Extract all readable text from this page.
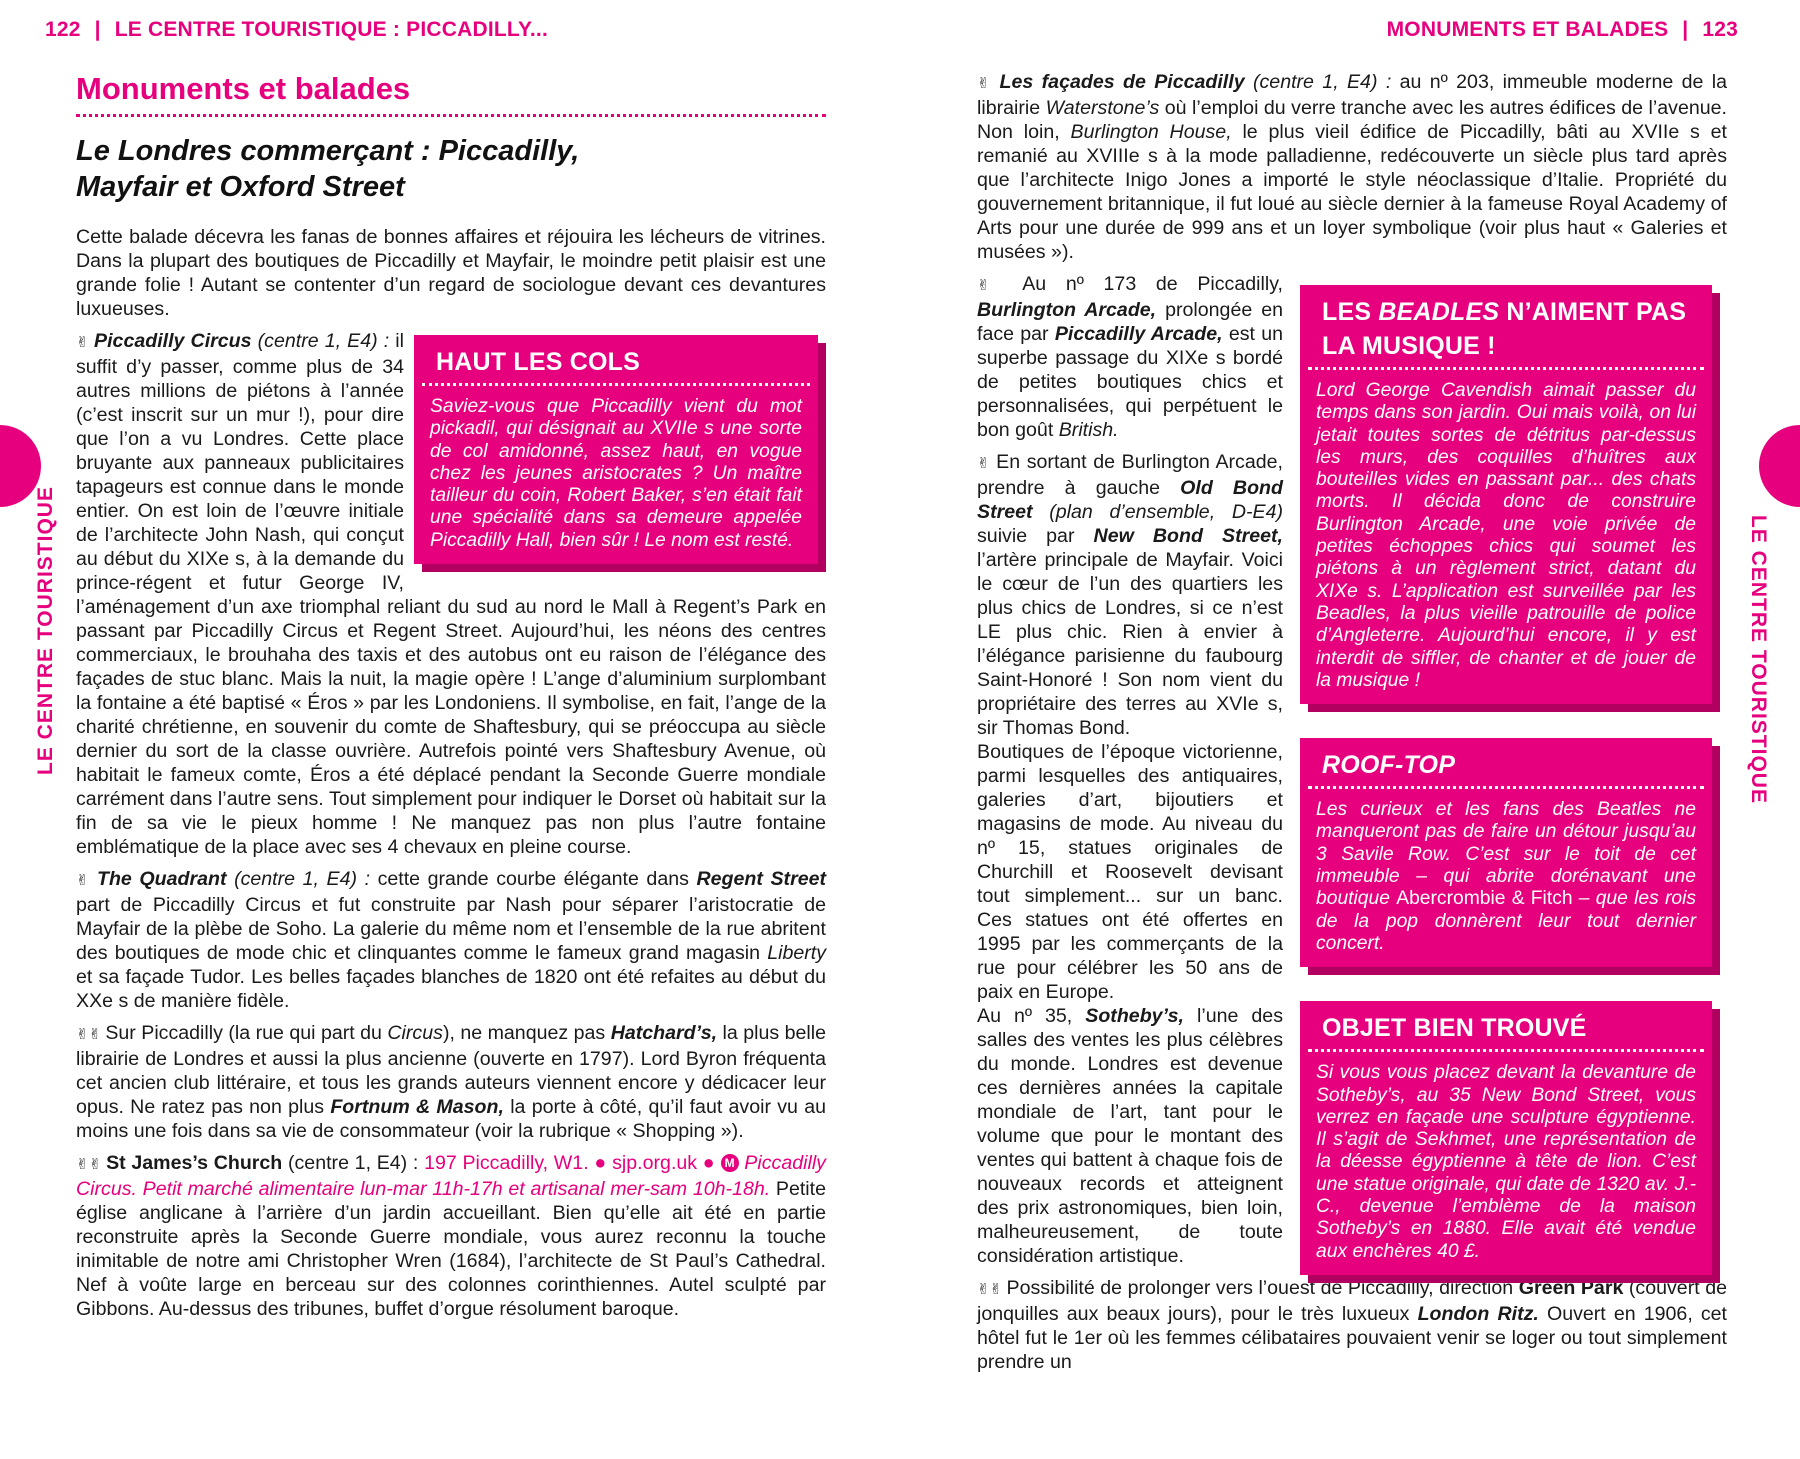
122 | LE CENTRE TOURISTIQUE : PICCADILLY...
LE CENTRE TOURISTIQUE
Monuments et balades
Le Londres commerçant : Piccadilly,
Mayfair et Oxford Street

Cette balade décevra les fanas de bonnes affaires et réjouira les lécheurs de vitrines. Dans la plupart des boutiques de Piccadilly et Mayfair, le moindre petit plaisir est une grande folie ! Autant se contenter d’un regard de sociologue devant ces devantures luxueuses.

HAUT LES COLS
Saviez-vous que Piccadilly vient du mot pickadil, qui désignait au XVIIe s une sorte de col amidonné, assez haut, en vogue chez les jeunes aristocrates ? Un maître tailleur du coin, Robert Baker, s’en était fait une spécialité dans sa demeure appelée Piccadilly Hall, bien sûr ! Le nom est resté.

✌ Piccadilly Circus (centre 1, E4) : il suffit d’y passer, comme plus de 34 autres millions de piétons à l’année (c’est inscrit sur un mur !), pour dire que l’on a vu Londres. Cette place bruyante aux panneaux publicitaires tapageurs est connue dans le monde entier. On est loin de l’œuvre initiale de l’architecte John Nash, qui conçut au début du XIXe s, à la demande du prince-régent et futur George IV, l’aménagement d’un axe triomphal reliant du sud au nord le Mall à Regent’s Park en passant par Piccadilly Circus et Regent Street. Aujourd’hui, les néons des centres commerciaux, le brouhaha des taxis et des autobus ont eu raison de l’élégance des façades de stuc blanc. Mais la nuit, la magie opère ! L’ange d’aluminium surplombant la fontaine a été baptisé « Éros » par les Londoniens. Il symbolise, en fait, l’ange de la charité chrétienne, en souvenir du comte de Shaftesbury, qui se préoccupa au siècle dernier du sort de la classe ouvrière. Autrefois pointé vers Shaftesbury Avenue, où habitait le fameux comte, Éros a été déplacé pendant la Seconde Guerre mondiale carrément dans l’autre sens. Tout simplement pour indiquer le Dorset où habitait sur la fin de sa vie le pieux homme ! Ne manquez pas non plus l’autre fontaine emblématique de la place avec ses 4 chevaux en pleine course.

✌ The Quadrant (centre 1, E4) : cette grande courbe élégante dans Regent Street part de Piccadilly Circus et fut construite par Nash pour séparer l’aristocratie de Mayfair de la plèbe de Soho. La galerie du même nom et l’ensemble de la rue abritent des boutiques de mode chic et clinquantes comme le fameux grand magasin Liberty et sa façade Tudor. Les belles façades blanches de 1820 ont été refaites au début du XXe s de manière fidèle.

✌✌ Sur Piccadilly (la rue qui part du Circus), ne manquez pas Hatchard’s, la plus belle librairie de Londres et aussi la plus ancienne (ouverte en 1797). Lord Byron fréquenta cet ancien club littéraire, et tous les grands auteurs viennent encore y dédicacer leur opus. Ne ratez pas non plus Fortnum & Mason, la porte à côté, qu’il faut avoir vu au moins une fois dans sa vie de consommateur (voir la rubrique « Shopping »).

✌✌ St James’s Church (centre 1, E4) : 197 Piccadilly, W1. ● sjp.org.uk ● M Piccadilly Circus. Petit marché alimentaire lun-mar 11h-17h et artisanal mer-sam 10h-18h. Petite église anglicane à l’arrière d’un jardin accueillant. Bien qu’elle ait été en partie reconstruite après la Seconde Guerre mondiale, vous aurez reconnu la touche inimitable de notre ami Christopher Wren (1684), l’architecte de St Paul’s Cathedral. Nef à voûte large en berceau sur des colonnes corinthiennes. Autel sculpté par Gibbons. Au-dessus des tribunes, buffet d’orgue résolument baroque.

MONUMENTS ET BALADES | 123
LE CENTRE TOURISTIQUE

✌ Les façades de Piccadilly (centre 1, E4) : au nº 203, immeuble moderne de la librairie Waterstone’s où l’emploi du verre tranche avec les autres édifices de l’avenue. Non loin, Burlington House, le plus vieil édifice de Piccadilly, bâti au XVIIe s et remanié au XVIIIe s à la mode palladienne, redécouverte un siècle plus tard après que l’architecte Inigo Jones a importé le style néoclassique d’Italie. Propriété du gouvernement britannique, il fut loué au siècle dernier à la fameuse Royal Academy of Arts pour une durée de 999 ans et un loyer symbolique (voir plus haut « Galeries et musées »).

✌ Au nº 173 de Piccadilly, Burlington Arcade, prolongée en face par Piccadilly Arcade, est un superbe passage du XIXe s bordé de petites boutiques chics et personnalisées, qui perpétuent le bon goût British.

✌ En sortant de Burlington Arcade, prendre à gauche Old Bond Street (plan d’ensemble, D-E4) suivie par New Bond Street, l’artère principale de Mayfair. Voici le cœur de l’un des quartiers les plus chics de Londres, si ce n’est LE plus chic. Rien à envier à l’élégance parisienne du faubourg Saint-Honoré ! Son nom vient du propriétaire des terres au XVIe s, sir Thomas Bond.

Boutiques de l’époque victorienne, parmi lesquelles des antiquaires, galeries d’art, bijoutiers et magasins de mode. Au niveau du nº 15, statues originales de Churchill et Roosevelt devisant tout simplement... sur un banc. Ces statues ont été offertes en 1995 par les commerçants de la rue pour célébrer les 50 ans de paix en Europe.

Au nº 35, Sotheby’s, l’une des salles des ventes les plus célèbres du monde. Londres est devenue ces dernières années la capitale mondiale de l’art, tant pour le volume que pour le montant des ventes qui battent à chaque fois de nouveaux records et atteignent des prix astronomiques, bien loin, malheureusement, de toute considération artistique.

✌✌ Possibilité de prolonger vers l’ouest de Piccadilly, direction Green Park (couvert de jonquilles aux beaux jours), pour le très luxueux London Ritz. Ouvert en 1906, cet hôtel fut le 1er où les femmes célibataires pouvaient venir se loger ou tout simplement prendre un

LES BEADLES N’AIMENT PAS LA MUSIQUE !
Lord George Cavendish aimait passer du temps dans son jardin. Oui mais voilà, on lui jetait toutes sortes de détritus par-dessus les murs, des coquilles d’huîtres aux bouteilles vides en passant par... des chats morts. Il décida donc de construire Burlington Arcade, une voie privée de petites échoppes chics qui soumet les piétons à un règlement strict, datant du XIXe s. L’application est surveillée par les Beadles, la plus vieille patrouille de police d’Angleterre. Aujourd’hui encore, il y est interdit de siffler, de chanter et de jouer de la musique !
ROOF-TOP
Les curieux et les fans des Beatles ne manqueront pas de faire un détour jusqu’au 3 Savile Row. C’est sur le toit de cet immeuble – qui abrite dorénavant une boutique Abercrombie & Fitch – que les rois de la pop donnèrent leur tout dernier concert.
OBJET BIEN TROUVÉ
Si vous vous placez devant la devanture de Sotheby’s, au 35 New Bond Street, vous verrez en façade une sculpture égyptienne. Il s’agit de Sekhmet, une représentation de la déesse égyptienne à tête de lion. C’est une statue originale, qui date de 1320 av. J.-C., devenue l’emblème de la maison Sotheby’s en 1880. Elle avait été vendue aux enchères 40 £.
